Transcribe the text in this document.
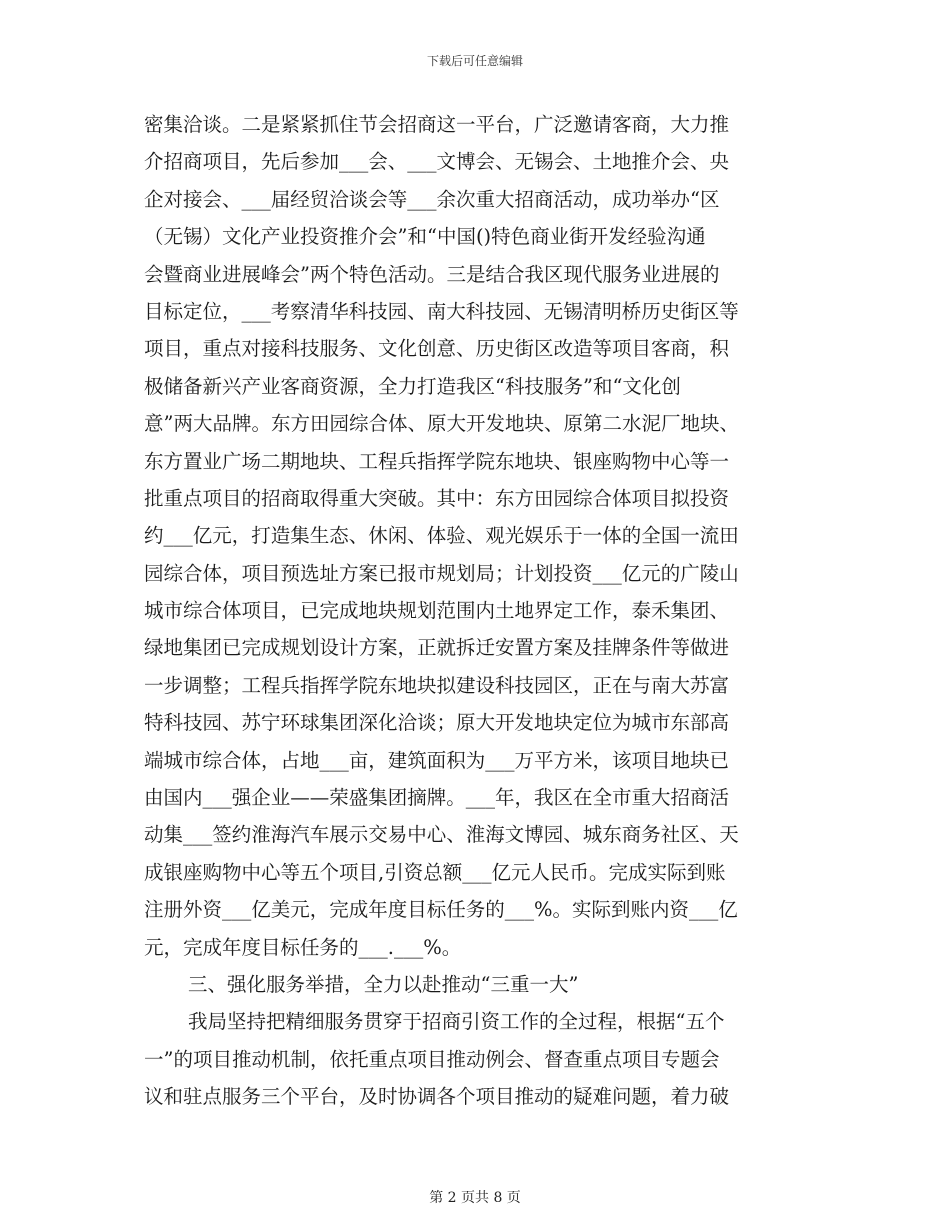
下载后可任意编辑
密集洽谈。二是紧紧抓住节会招商这一平台，广泛邀请客商，大力推
介招商项目，先后参加___会、___文博会、无锡会、土地推介会、央
企对接会、___届经贸洽谈会等___余次重大招商活动，成功举办“区
（无锡）文化产业投资推介会”和“中国()特色商业街开发经验沟通
会暨商业进展峰会”两个特色活动。三是结合我区现代服务业进展的
目标定位，___考察清华科技园、南大科技园、无锡清明桥历史街区等
项目，重点对接科技服务、文化创意、历史街区改造等项目客商，积
极储备新兴产业客商资源，全力打造我区“科技服务”和“文化创
意”两大品牌。东方田园综合体、原大开发地块、原第二水泥厂地块、
东方置业广场二期地块、工程兵指挥学院东地块、银座购物中心等一
批重点项目的招商取得重大突破。其中：东方田园综合体项目拟投资
约___亿元，打造集生态、休闲、体验、观光娱乐于一体的全国一流田
园综合体，项目预选址方案已报市规划局；计划投资___亿元的广陵山
城市综合体项目，已完成地块规划范围内土地界定工作，泰禾集团、
绿地集团已完成规划设计方案，正就拆迁安置方案及挂牌条件等做进
一步调整；工程兵指挥学院东地块拟建设科技园区，正在与南大苏富
特科技园、苏宁环球集团深化洽谈；原大开发地块定位为城市东部高
端城市综合体，占地___亩，建筑面积为___万平方米，该项目地块已
由国内___强企业——荣盛集团摘牌。___年，我区在全市重大招商活
动集___签约淮海汽车展示交易中心、淮海文博园、城东商务社区、天
成银座购物中心等五个项目,引资总额___亿元人民币。完成实际到账
注册外资___亿美元，完成年度目标任务的___%。实际到账内资___亿
元，完成年度目标任务的___.___%。
三、强化服务举措，全力以赴推动“三重一大”
我局坚持把精细服务贯穿于招商引资工作的全过程，根据“五个
一”的项目推动机制，依托重点项目推动例会、督查重点项目专题会
议和驻点服务三个平台，及时协调各个项目推动的疑难问题，着力破
第 2 页共 8 页
